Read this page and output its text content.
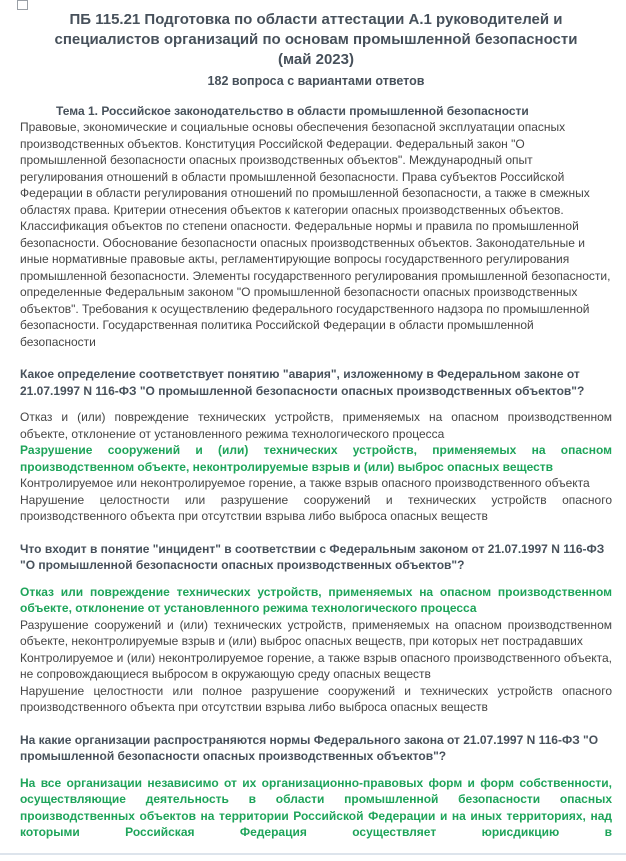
ПБ 115.21 Подготовка по области аттестации А.1 руководителей и специалистов организаций по основам промышленной безопасности
(май 2023)
182 вопроса с вариантами ответов

Тема 1. Российское законодательство в области промышленной безопасности
Правовые, экономические и социальные основы обеспечения безопасной эксплуатации опасных производственных объектов. Конституция Российской Федерации. Федеральный закон "О промышленной безопасности опасных производственных объектов". Международный опыт регулирования отношений в области промышленной безопасности. Права субъектов Российской Федерации в области регулирования отношений по промышленной безопасности, а также в смежных областях права. Критерии отнесения объектов к категории опасных производственных объектов. Классификация объектов по степени опасности. Федеральные нормы и правила по промышленной безопасности. Обоснование безопасности опасных производственных объектов. Законодательные и иные нормативные правовые акты, регламентирующие вопросы государственного регулирования промышленной безопасности. Элементы государственного регулирования промышленной безопасности, определенные Федеральным законом "О промышленной безопасности опасных производственных объектов". Требования к осуществлению федерального государственного надзора по промышленной безопасности. Государственная политика Российской Федерации в области промышленной безопасности

Какое определение соответствует понятию "авария", изложенному в Федеральном законе от 21.07.1997 N 116-ФЗ "О промышленной безопасности опасных производственных объектов"?

Отказ и (или) повреждение технических устройств, применяемых на опасном производственном объекте, отклонение от установленного режима технологического процесса

Разрушение сооружений и (или) технических устройств, применяемых на опасном производственном объекте, неконтролируемые взрыв и (или) выброс опасных веществ

Контролируемое или неконтролируемое горение, а также взрыв опасного производственного объекта

Нарушение целостности или разрушение сооружений и технических устройств опасного производственного объекта при отсутствии взрыва либо выброса опасных веществ

Что входит в понятие "инцидент" в соответствии с Федеральным законом от 21.07.1997 N 116-ФЗ "О промышленной безопасности опасных производственных объектов"?

Отказ или повреждение технических устройств, применяемых на опасном производственном объекте, отклонение от установленного режима технологического процесса

Разрушение сооружений и (или) технических устройств, применяемых на опасном производственном объекте, неконтролируемые взрыв и (или) выброс опасных веществ, при которых нет пострадавших

Контролируемое и (или) неконтролируемое горение, а также взрыв опасного производственного объекта, не сопровождающиеся выбросом в окружающую среду опасных веществ

Нарушение целостности или полное разрушение сооружений и технических устройств опасного производственного объекта при отсутствии взрыва либо выброса опасных веществ

На какие организации распространяются нормы Федерального закона от 21.07.1997 N 116-ФЗ "О промышленной безопасности опасных производственных объектов"?

На все организации независимо от их организационно-правовых форм и форм собственности, осуществляющие деятельность в области промышленной безопасности опасных производственных объектов на территории Российской Федерации и на иных территориях, над которыми Российская Федерация осуществляет юрисдикцию в
